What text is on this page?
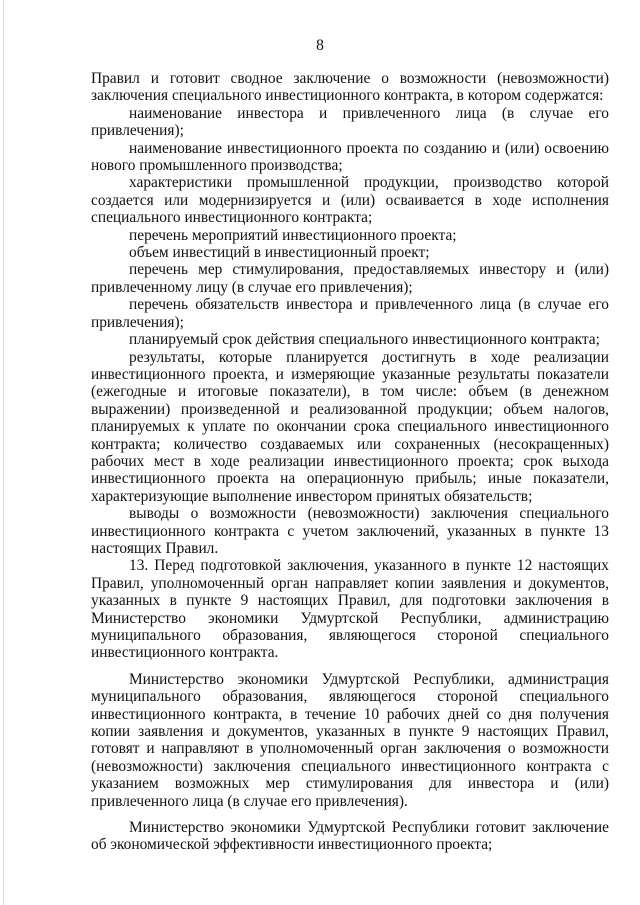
8

Правил и готовит сводное заключение о возможности (невозможности) заключения специального инвестиционного контракта, в котором содержатся:

наименование инвестора и привлеченного лица (в случае его привлечения);

наименование инвестиционного проекта по созданию и (или) освоению нового промышленного производства;

характеристики промышленной продукции, производство которой создается или модернизируется и (или) осваивается в ходе исполнения специального инвестиционного контракта;

перечень мероприятий инвестиционного проекта;

объем инвестиций в инвестиционный проект;

перечень мер стимулирования, предоставляемых инвестору и (или) привлеченному лицу (в случае его привлечения);

перечень обязательств инвестора и привлеченного лица (в случае его привлечения);

планируемый срок действия специального инвестиционного контракта;

результаты, которые планируется достигнуть в ходе реализации инвестиционного проекта, и измеряющие указанные результаты показатели (ежегодные и итоговые показатели), в том числе: объем (в денежном выражении) произведенной и реализованной продукции; объем налогов, планируемых к уплате по окончании срока специального инвестиционного контракта; количество создаваемых или сохраненных (несокращенных) рабочих мест в ходе реализации инвестиционного проекта; срок выхода инвестиционного проекта на операционную прибыль; иные показатели, характеризующие выполнение инвестором принятых обязательств;

выводы о возможности (невозможности) заключения специального инвестиционного контракта с учетом заключений, указанных в пункте 13 настоящих Правил.

13. Перед подготовкой заключения, указанного в пункте 12 настоящих Правил, уполномоченный орган направляет копии заявления и документов, указанных в пункте 9 настоящих Правил, для подготовки заключения в Министерство экономики Удмуртской Республики, администрацию муниципального образования, являющегося стороной специального инвестиционного контракта.

Министерство экономики Удмуртской Республики, администрация муниципального образования, являющегося стороной специального инвестиционного контракта, в течение 10 рабочих дней со дня получения копии заявления и документов, указанных в пункте 9 настоящих Правил, готовят и направляют в уполномоченный орган заключения о возможности (невозможности) заключения специального инвестиционного контракта с указанием возможных мер стимулирования для инвестора и (или) привлеченного лица (в случае его привлечения).

Министерство экономики Удмуртской Республики готовит заключение об экономической эффективности инвестиционного проекта;
